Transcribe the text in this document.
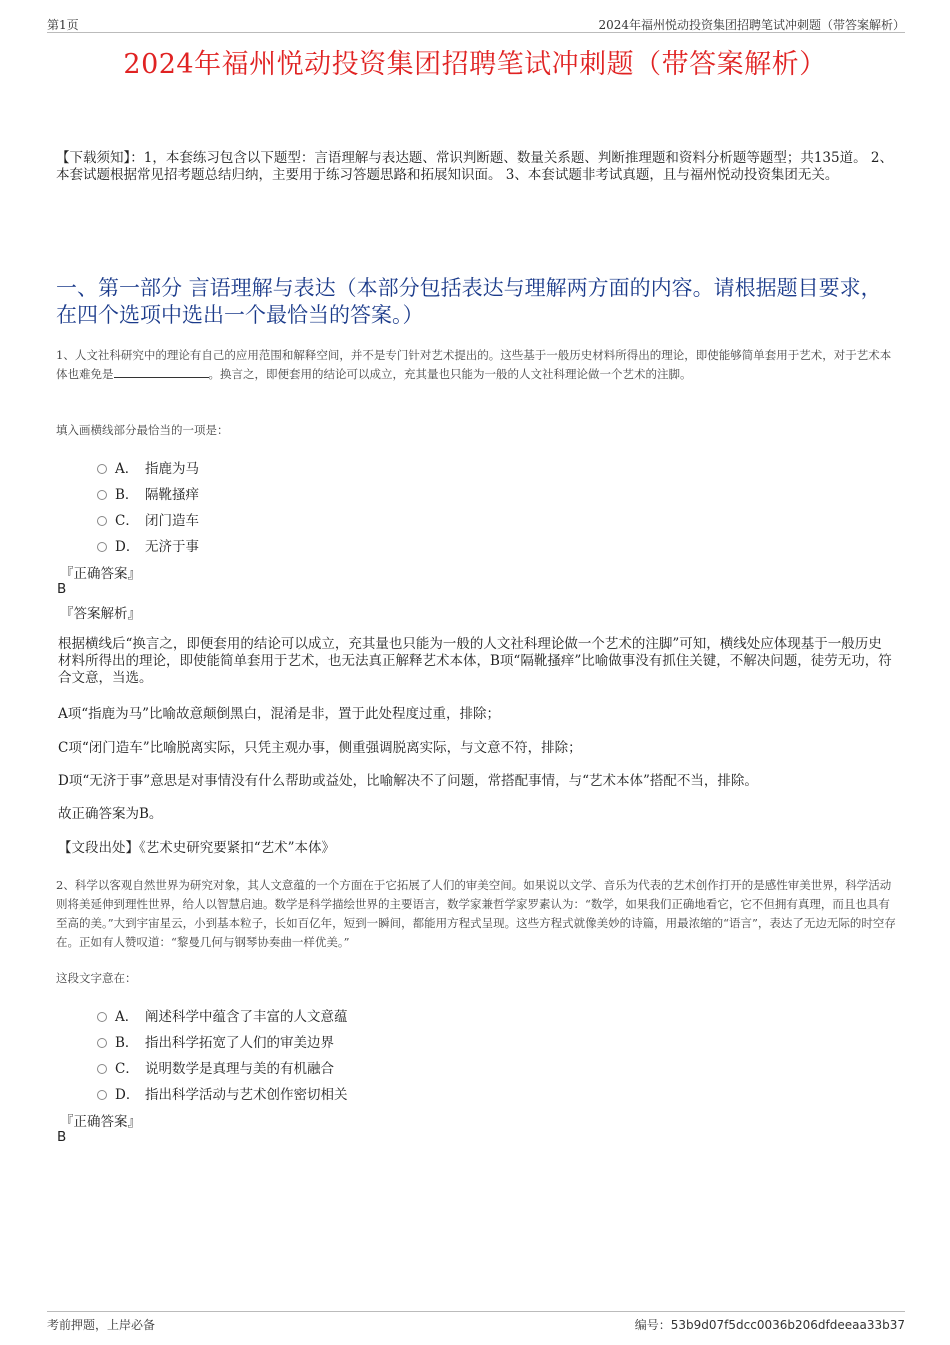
第1页	2024年福州悦动投资集团招聘笔试冲刺题（带答案解析）
2024年福州悦动投资集团招聘笔试冲刺题（带答案解析）
【下载须知】：1，本套练习包含以下题型：言语理解与表达题、常识判断题、数量关系题、判断推理题和资料分析题等题型；共135道。 2、本套试题根据常见招考题总结归纳，主要用于练习答题思路和拓展知识面。 3、本套试题非考试真题，且与福州悦动投资集团无关。
一、第一部分 言语理解与表达（本部分包括表达与理解两方面的内容。请根据题目要求，在四个选项中选出一个最恰当的答案。）
1、人文社科研究中的理论有自己的应用范围和解释空间，并不是专门针对艺术提出的。这些基于一般历史材料所得出的理论，即使能够简单套用于艺术，对于艺术本体也难免是	。换言之，即便套用的结论可以成立，充其量也只能为一般的人文社科理论做一个艺术的注脚。
填入画横线部分最恰当的一项是：
A． 指鹿为马
B． 隔靴搔痒
C． 闭门造车
D． 无济于事
『正确答案』
B
『答案解析』
根据横线后“换言之，即便套用的结论可以成立，充其量也只能为一般的人文社科理论做一个艺术的注脚”可知，横线处应体现基于一般历史材料所得出的理论，即使能简单套用于艺术，也无法真正解释艺术本体，B项“隔靴搔痒”比喻做事没有抓住关键，不解决问题，徒劳无功，符合文意，当选。
A项“指鹿为马”比喻故意颠倒黑白，混淆是非，置于此处程度过重，排除；
C项“闭门造车”比喻脱离实际，只凭主观办事，侧重强调脱离实际，与文意不符，排除；
D项“无济于事”意思是对事情没有什么帮助或益处，比喻解决不了问题，常搭配事情，与“艺术本体”搭配不当，排除。
故正确答案为B。
【文段出处】《艺术史研究要紧扣“艺术”本体》
2、科学以客观自然世界为研究对象，其人文意蕴的一个方面在于它拓展了人们的审美空间。如果说以文学、音乐为代表的艺术创作打开的是感性审美世界，科学活动则将美延伸到理性世界，给人以智慧启迪。数学是科学描绘世界的主要语言，数学家兼哲学家罗素认为：“数学，如果我们正确地看它，它不但拥有真理，而且也具有至高的美。”大到宇宙星云，小到基本粒子，长如百亿年，短到一瞬间，都能用方程式呈现。这些方程式就像美妙的诗篇，用最浓缩的“语言”，表达了无边无际的时空存在。正如有人赞叹道：“黎曼几何与钢琴协奏曲一样优美。”
这段文字意在：
A． 阐述科学中蕴含了丰富的人文意蕴
B． 指出科学拓宽了人们的审美边界
C． 说明数学是真理与美的有机融合
D． 指出科学活动与艺术创作密切相关
『正确答案』
B
考前押题，上岸必备	编号：53b9d07f5dcc0036b206dfdeeaa33b37
